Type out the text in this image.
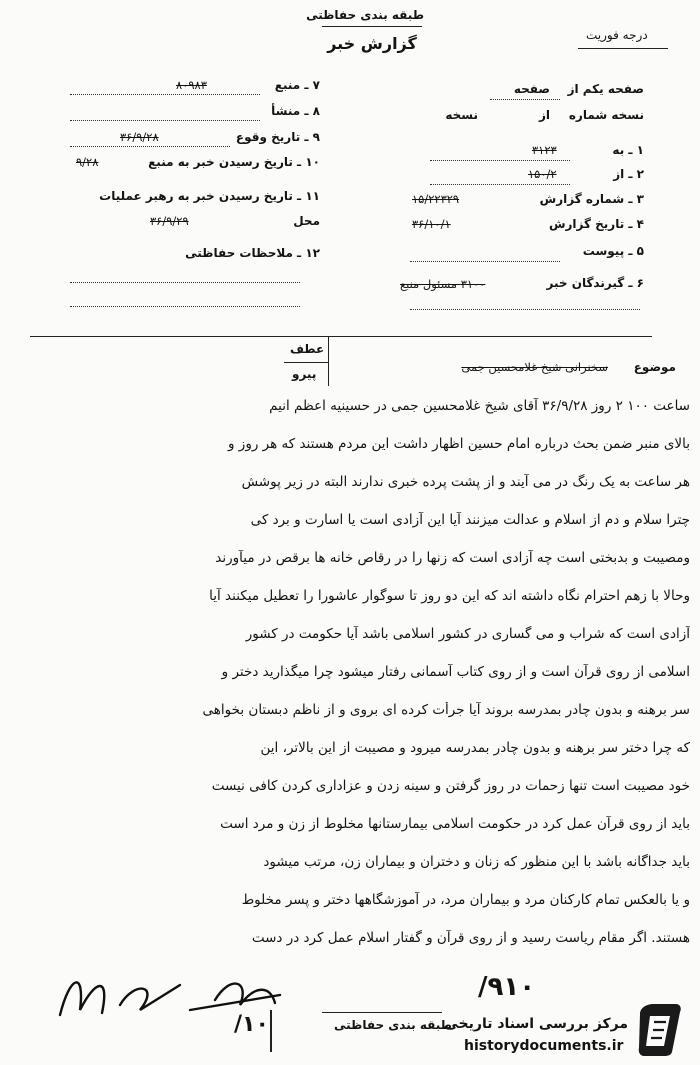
طبقه بندی حفاظتی
گزارش خبر	درجه فوریت
۷ ـ منبع
۸۰۹۸۳
۸ ـ منشأ
۹ ـ تاریخ وقوع
۳۶/۹/۲۸
۱۰ ـ تاریخ رسیدن خبر به منبع
۹/۲۸
۱۱ ـ تاریخ رسیدن خبر به رهبر عملیات
محل
۳۶/۹/۲۹
۱۲ ـ ملاحظات حفاظتی
صفحه یکم از
صفحه
نسخه شماره
از
نسخه
۱ ـ به
۳۱۲۳
۲ ـ از
۱۵۰/۲
۳ ـ شماره گزارش
۱۵/۲۲۳۲۹
۴ ـ تاریخ گزارش
۳۶/۱۰/۱
۵ ـ پیوست
۶ ـ گیرندگان خبر
۳۱۰۰ مسئول منبع
عطف
پیرو	موضوع
سخنرانی شیخ غلامحسین جمی
ساعت ۱۰۰ ۲ روز ۳۶/۹/۲۸ آقای شیخ غلامحسین جمی در حسینیه اعظم انیم
بالای منبر ضمن بحث درباره امام حسین اظهار داشت این مردم هستند که هر روز و
هر ساعت به یک رنگ در می آیند و از پشت پرده خبری ندارند البته در زیر پوشش
چترا سلام و دم از اسلام و عدالت میزنند آیا این آزادی است یا اسارت و برد کی
ومصیبت و بدبختی است چه آزادی است که زنها را در رقاص خانه ها برقص در میآورند
وحالا با زهم احترام نگاه داشته اند که این دو روز تا سوگوار عاشورا را تعطیل میکنند آیا
آزادی است که شراب و می گساری در کشور اسلامی باشد آیا حکومت در کشور
اسلامی از روی قرآن است و از روی کتاب آسمانی رفتار میشود چرا میگذارید دختر و
سر برهنه و بدون چادر بمدرسه بروند آیا جرأت کرده ای بروی و از ناظم دبستان بخواهی
که چرا دختر سر برهنه و بدون چادر بمدرسه میرود و مصیبت از این بالاتر، این
خود مصیبت است تنها زحمات در روز گرفتن و سینه زدن و عزاداری کردن کافی نیست
باید از روی قرآن عمل کرد در حکومت اسلامی بیمارستانها مخلوط از زن و مرد است
باید جداگانه باشد با این منظور که زنان و دختران و بیماران زن، مرتب میشود
و یا بالعکس تمام کارکنان مرد و بیماران مرد، در آموزشگاهها دختر و پسر مخلوط
هستند. اگر مقام ریاست رسید و از روی قرآن و گفتار اسلام عمل کرد در دست
۹۱۰/
۱۰/	طبقه بندی حفاظتی
مرکز بررسی اسناد تاریخی
historydocuments.ir
